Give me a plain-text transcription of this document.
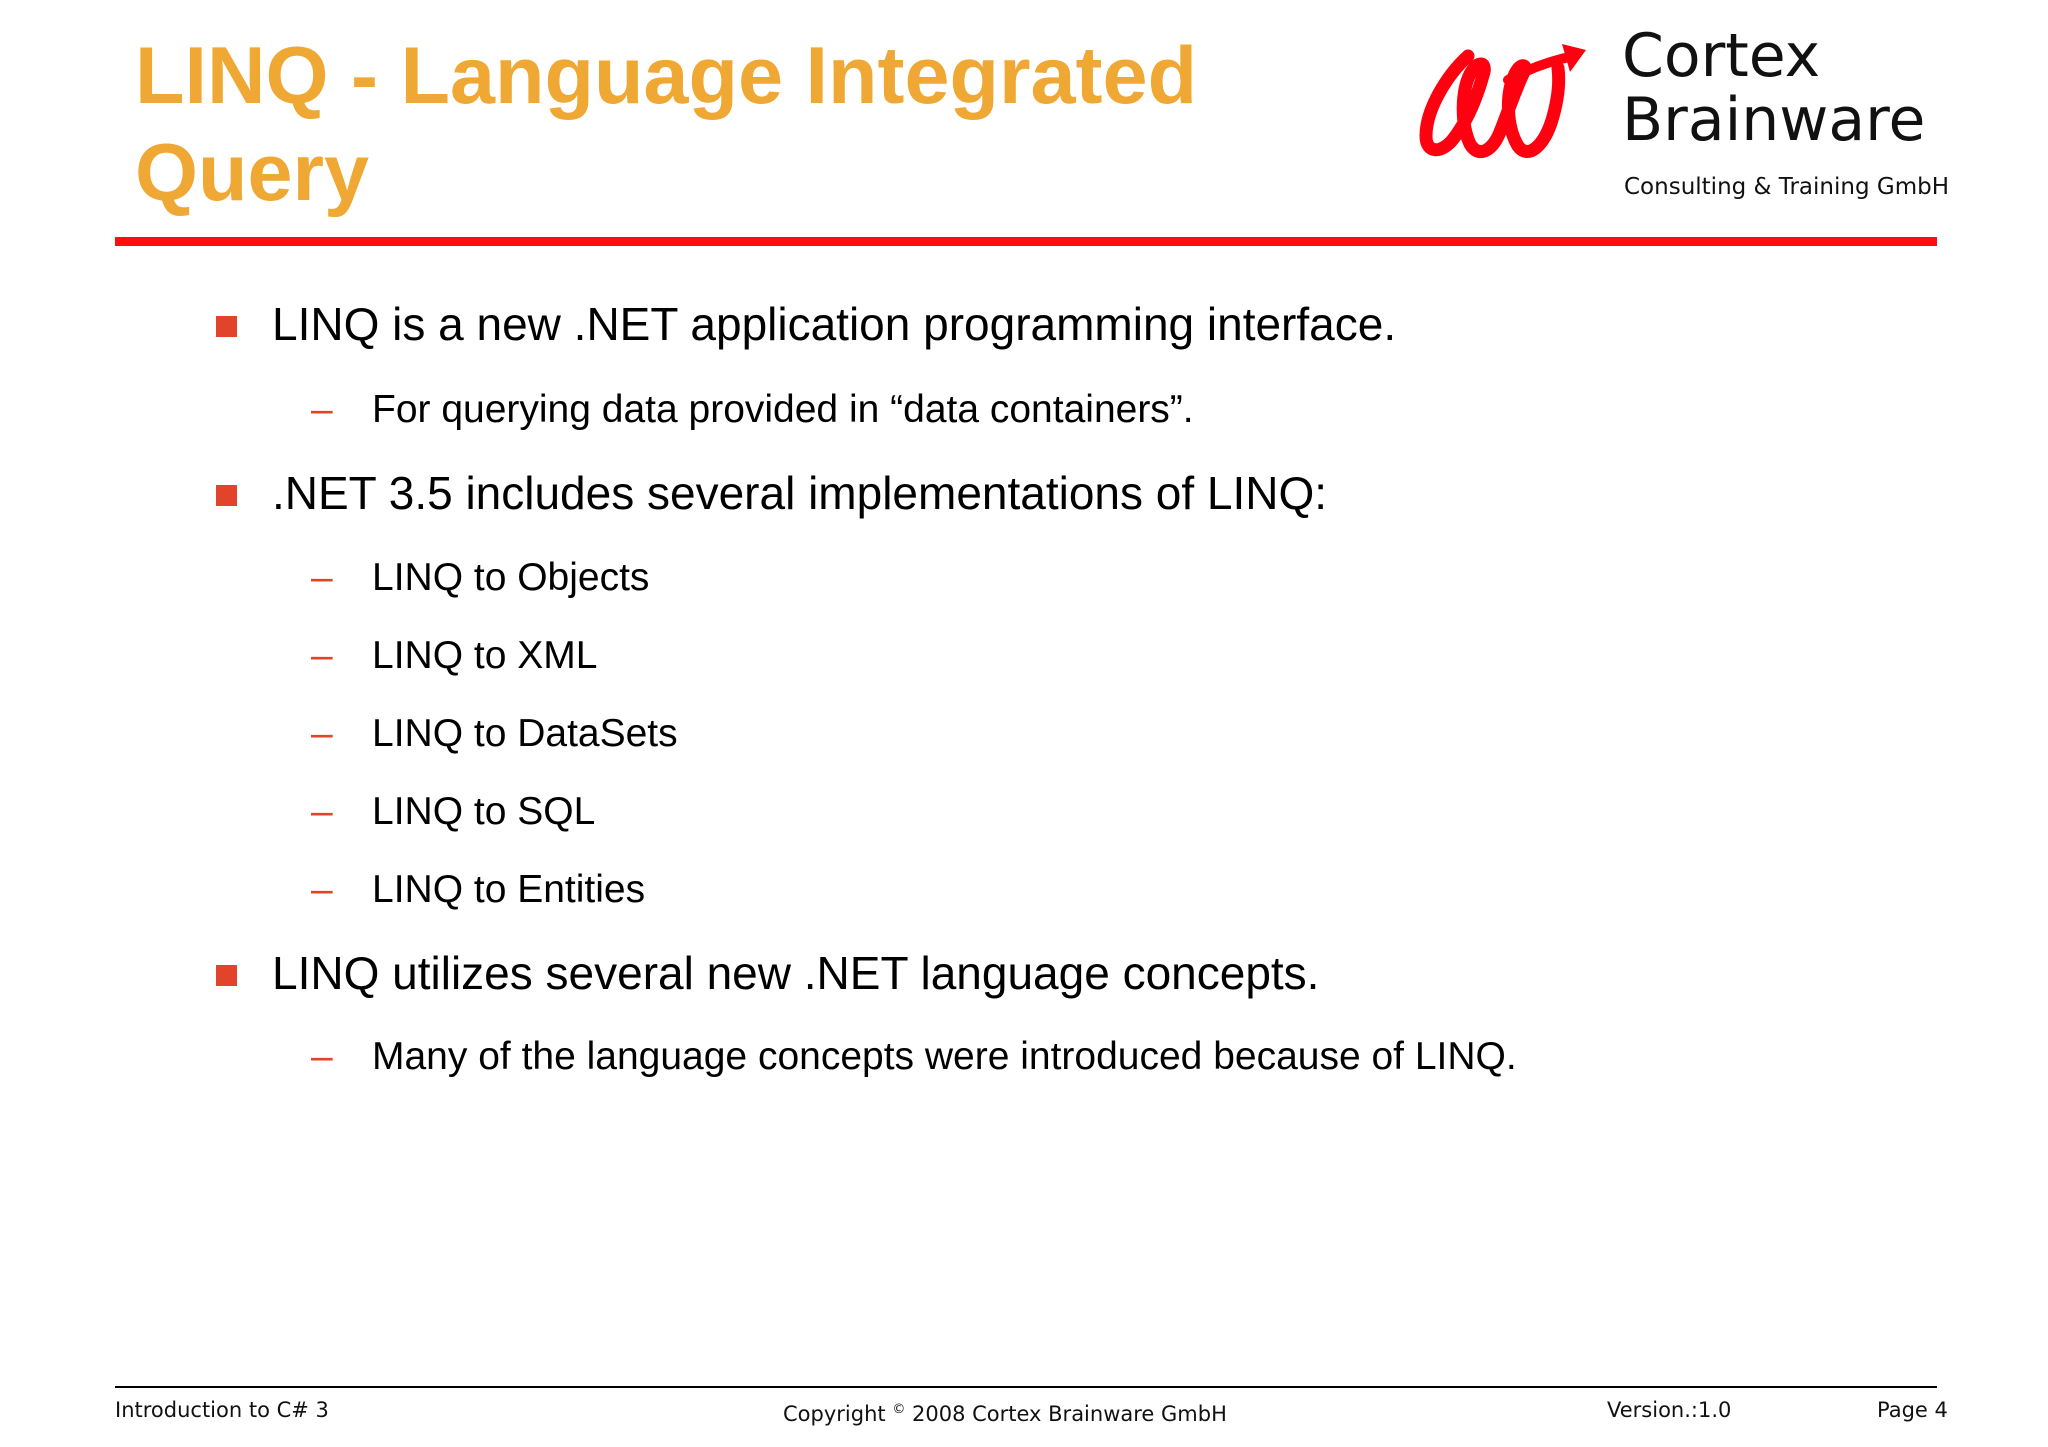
LINQ - Language Integrated Query
Cortex
Brainware
Consulting & Training GmbH
LINQ is a new .NET application programming interface.
– For querying data provided in “data containers”.
.NET 3.5 includes several implementations of LINQ:
– LINQ to Objects
– LINQ to XML
– LINQ to DataSets
– LINQ to SQL
– LINQ to Entities
LINQ utilizes several new .NET language concepts.
– Many of the language concepts were introduced because of LINQ.
Introduction to C# 3	Copyright © 2008 Cortex Brainware GmbH	Version.:1.0	Page 4
